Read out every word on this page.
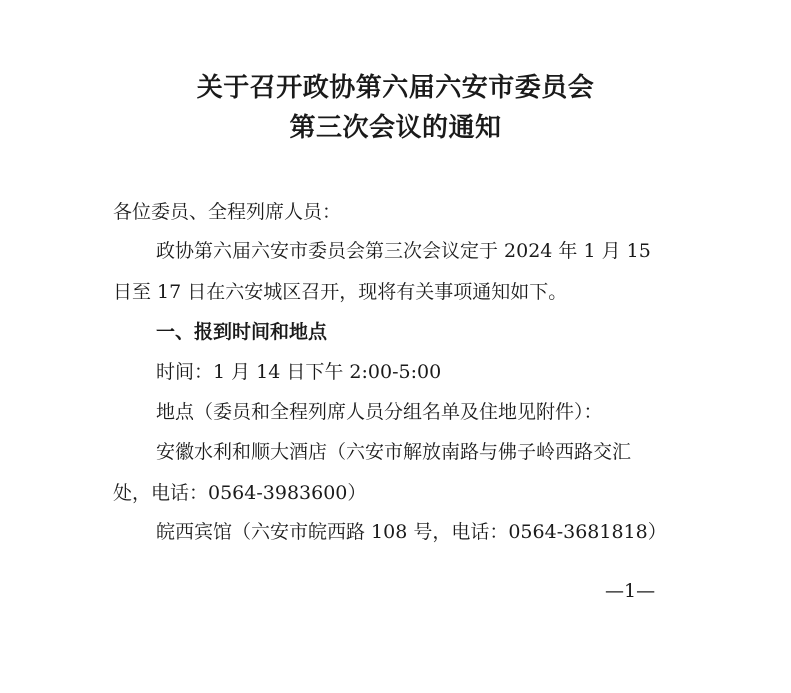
关于召开政协第六届六安市委员会
第三次会议的通知
各位委员、全程列席人员：
政协第六届六安市委员会第三次会议定于 2024 年 1 月 15
日至 17 日在六安城区召开，现将有关事项通知如下。
一、报到时间和地点
时间：1 月 14 日下午 2:00-5:00
地点（委员和全程列席人员分组名单及住地见附件）：
安徽水利和顺大酒店（六安市解放南路与佛子岭西路交汇
处，电话：0564-3983600）
皖西宾馆（六安市皖西路 108 号，电话：0564-3681818）
—1—
